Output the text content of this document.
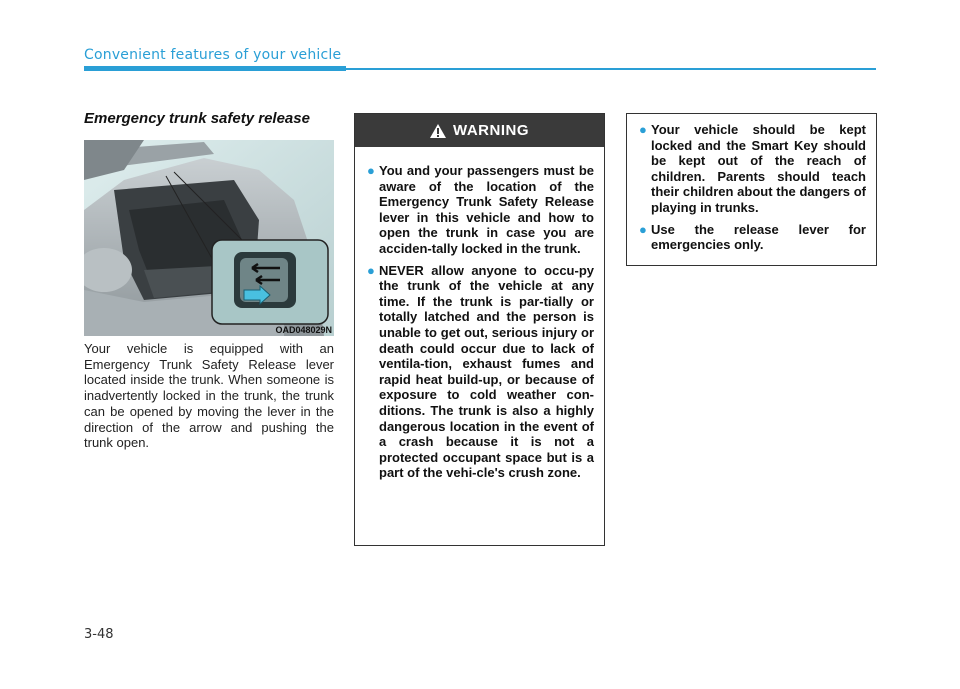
Convenient features of your vehicle
Emergency trunk safety release
OAD048029N
Your vehicle is equipped with an Emergency Trunk Safety Release lever located inside the trunk. When someone is inadvertently locked in the trunk, the trunk can be opened by moving the lever in the direction of the arrow and pushing the trunk open.
WARNING
● You and your passengers must be aware of the location of the Emergency Trunk Safety Release lever in this vehicle and how to open the trunk in case you are acciden-tally locked in the trunk.
● NEVER allow anyone to occu-py the trunk of the vehicle at any time. If the trunk is par-tially or totally latched and the person is unable to get out, serious injury or death could occur due to lack of ventila-tion, exhaust fumes and rapid heat build-up, or because of exposure to cold weather con-ditions. The trunk is also a highly dangerous location in the event of a crash because it is not a protected occupant space but is a part of the vehi-cle's crush zone.
● Your vehicle should be kept locked and the Smart Key should be kept out of the reach of children. Parents should teach their children about the dangers of playing in trunks.
● Use the release lever for emergencies only.
3-48
